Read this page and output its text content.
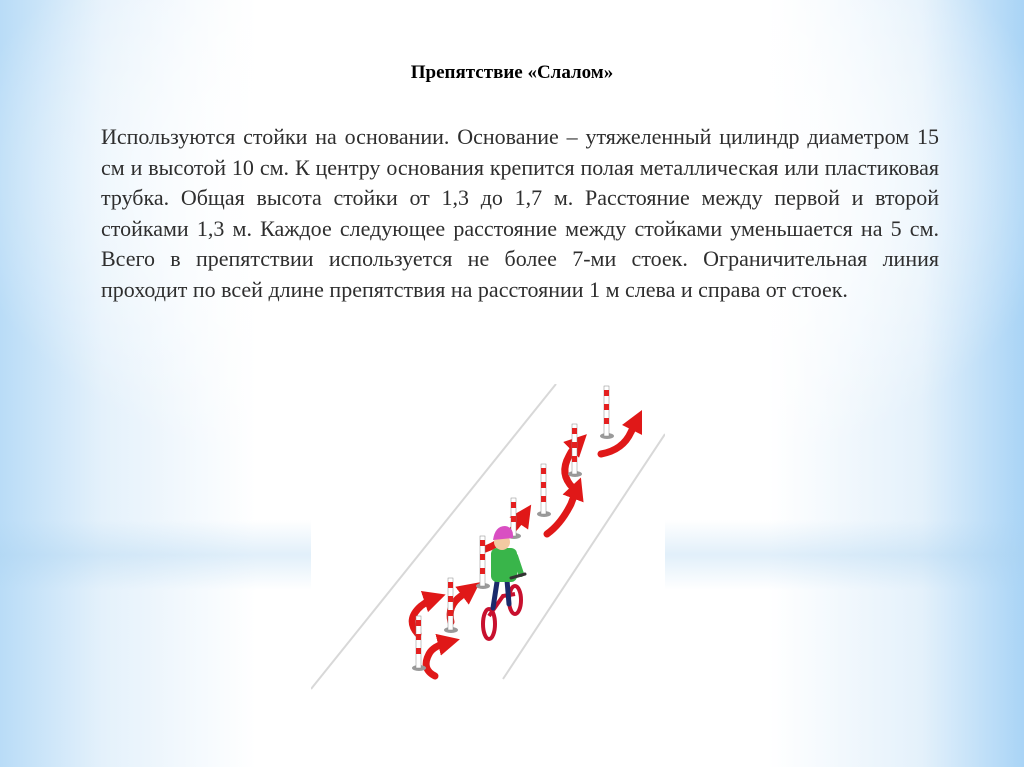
Препятствие «Слалом»

Используются стойки на основании. Основание – утяжеленный цилиндр диаметром 15 см и высотой 10 см. К центру основания крепится полая металлическая или пластиковая трубка. Общая высота стойки от 1,3 до 1,7 м. Расстояние между первой и второй стойками 1,3 м. Каждое следующее расстояние между стойками уменьшается на 5 см. Всего в препятствии используется не более 7-ми стоек. Ограничительная линия проходит по всей длине препятствия на расстоянии 1 м слева и справа от стоек.
